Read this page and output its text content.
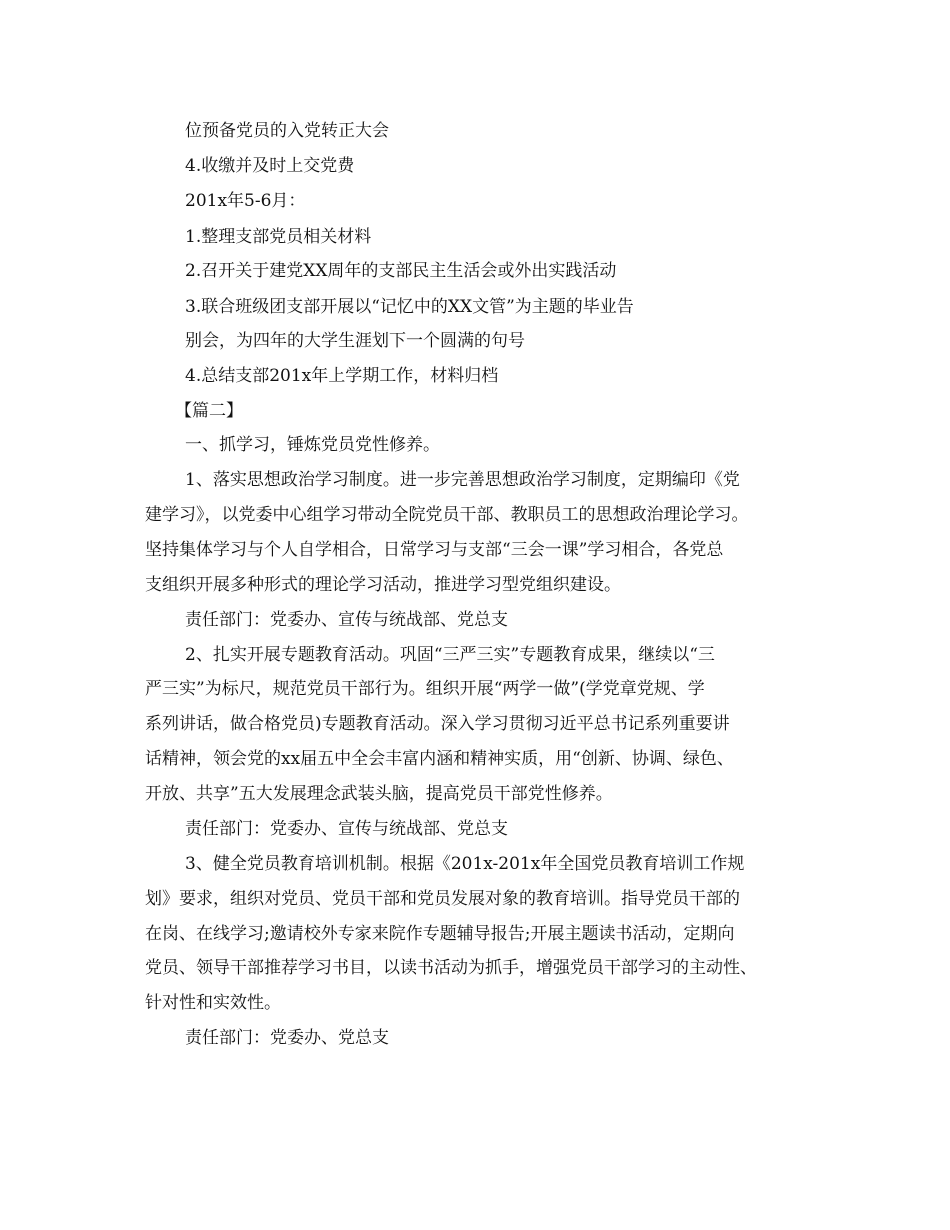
位预备党员的入党转正大会
4.收缴并及时上交党费
201x年5-6月：
1.整理支部党员相关材料
2.召开关于建党XX周年的支部民主生活会或外出实践活动
3.联合班级团支部开展以“记忆中的XX文管”为主题的毕业告
别会，为四年的大学生涯划下一个圆满的句号
4.总结支部201x年上学期工作，材料归档
【篇二】
一、抓学习，锤炼党员党性修养。
1、落实思想政治学习制度。进一步完善思想政治学习制度，定期编印《党
建学习》，以党委中心组学习带动全院党员干部、教职员工的思想政治理论学习。
坚持集体学习与个人自学相合，日常学习与支部“三会一课”学习相合，各党总
支组织开展多种形式的理论学习活动，推进学习型党组织建设。
责任部门：党委办、宣传与统战部、党总支
2、扎实开展专题教育活动。巩固“三严三实”专题教育成果，继续以“三
严三实”为标尺，规范党员干部行为。组织开展“两学一做”(学党章党规、学
系列讲话，做合格党员)专题教育活动。深入学习贯彻习近平总书记系列重要讲
话精神，领会党的xx届五中全会丰富内涵和精神实质，用“创新、协调、绿色、
开放、共享”五大发展理念武装头脑，提高党员干部党性修养。
责任部门：党委办、宣传与统战部、党总支
3、健全党员教育培训机制。根据《201x-201x年全国党员教育培训工作规
划》要求，组织对党员、党员干部和党员发展对象的教育培训。指导党员干部的
在岗、在线学习;邀请校外专家来院作专题辅导报告;开展主题读书活动，定期向
党员、领导干部推荐学习书目，以读书活动为抓手，增强党员干部学习的主动性、
针对性和实效性。
责任部门：党委办、党总支
